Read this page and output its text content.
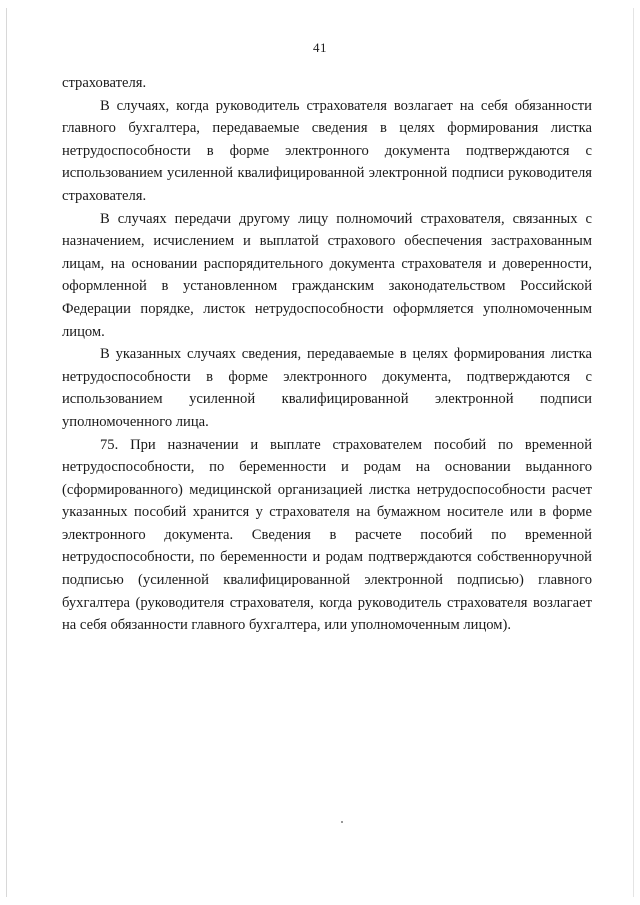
41

страхователя.

В случаях, когда руководитель страхователя возлагает на себя обязанности главного бухгалтера, передаваемые сведения в целях формирования листка нетрудоспособности в форме электронного документа подтверждаются с использованием усиленной квалифицированной электронной подписи руководителя страхователя.

В случаях передачи другому лицу полномочий страхователя, связанных с назначением, исчислением и выплатой страхового обеспечения застрахованным лицам, на основании распорядительного документа страхователя и доверенности, оформленной в установленном гражданским законодательством Российской Федерации порядке, листок нетрудоспособности оформляется уполномоченным лицом.

В указанных случаях сведения, передаваемые в целях формирования листка нетрудоспособности в форме электронного документа, подтверждаются с использованием усиленной квалифицированной электронной подписи уполномоченного лица.

75. При назначении и выплате страхователем пособий по временной нетрудоспособности, по беременности и родам на основании выданного (сформированного) медицинской организацией листка нетрудоспособности расчет указанных пособий хранится у страхователя на бумажном носителе или в форме электронного документа. Сведения в расчете пособий по временной нетрудоспособности, по беременности и родам подтверждаются собственноручной подписью (усиленной квалифицированной электронной подписью) главного бухгалтера (руководителя страхователя, когда руководитель страхователя возлагает на себя обязанности главного бухгалтера, или уполномоченным лицом).
